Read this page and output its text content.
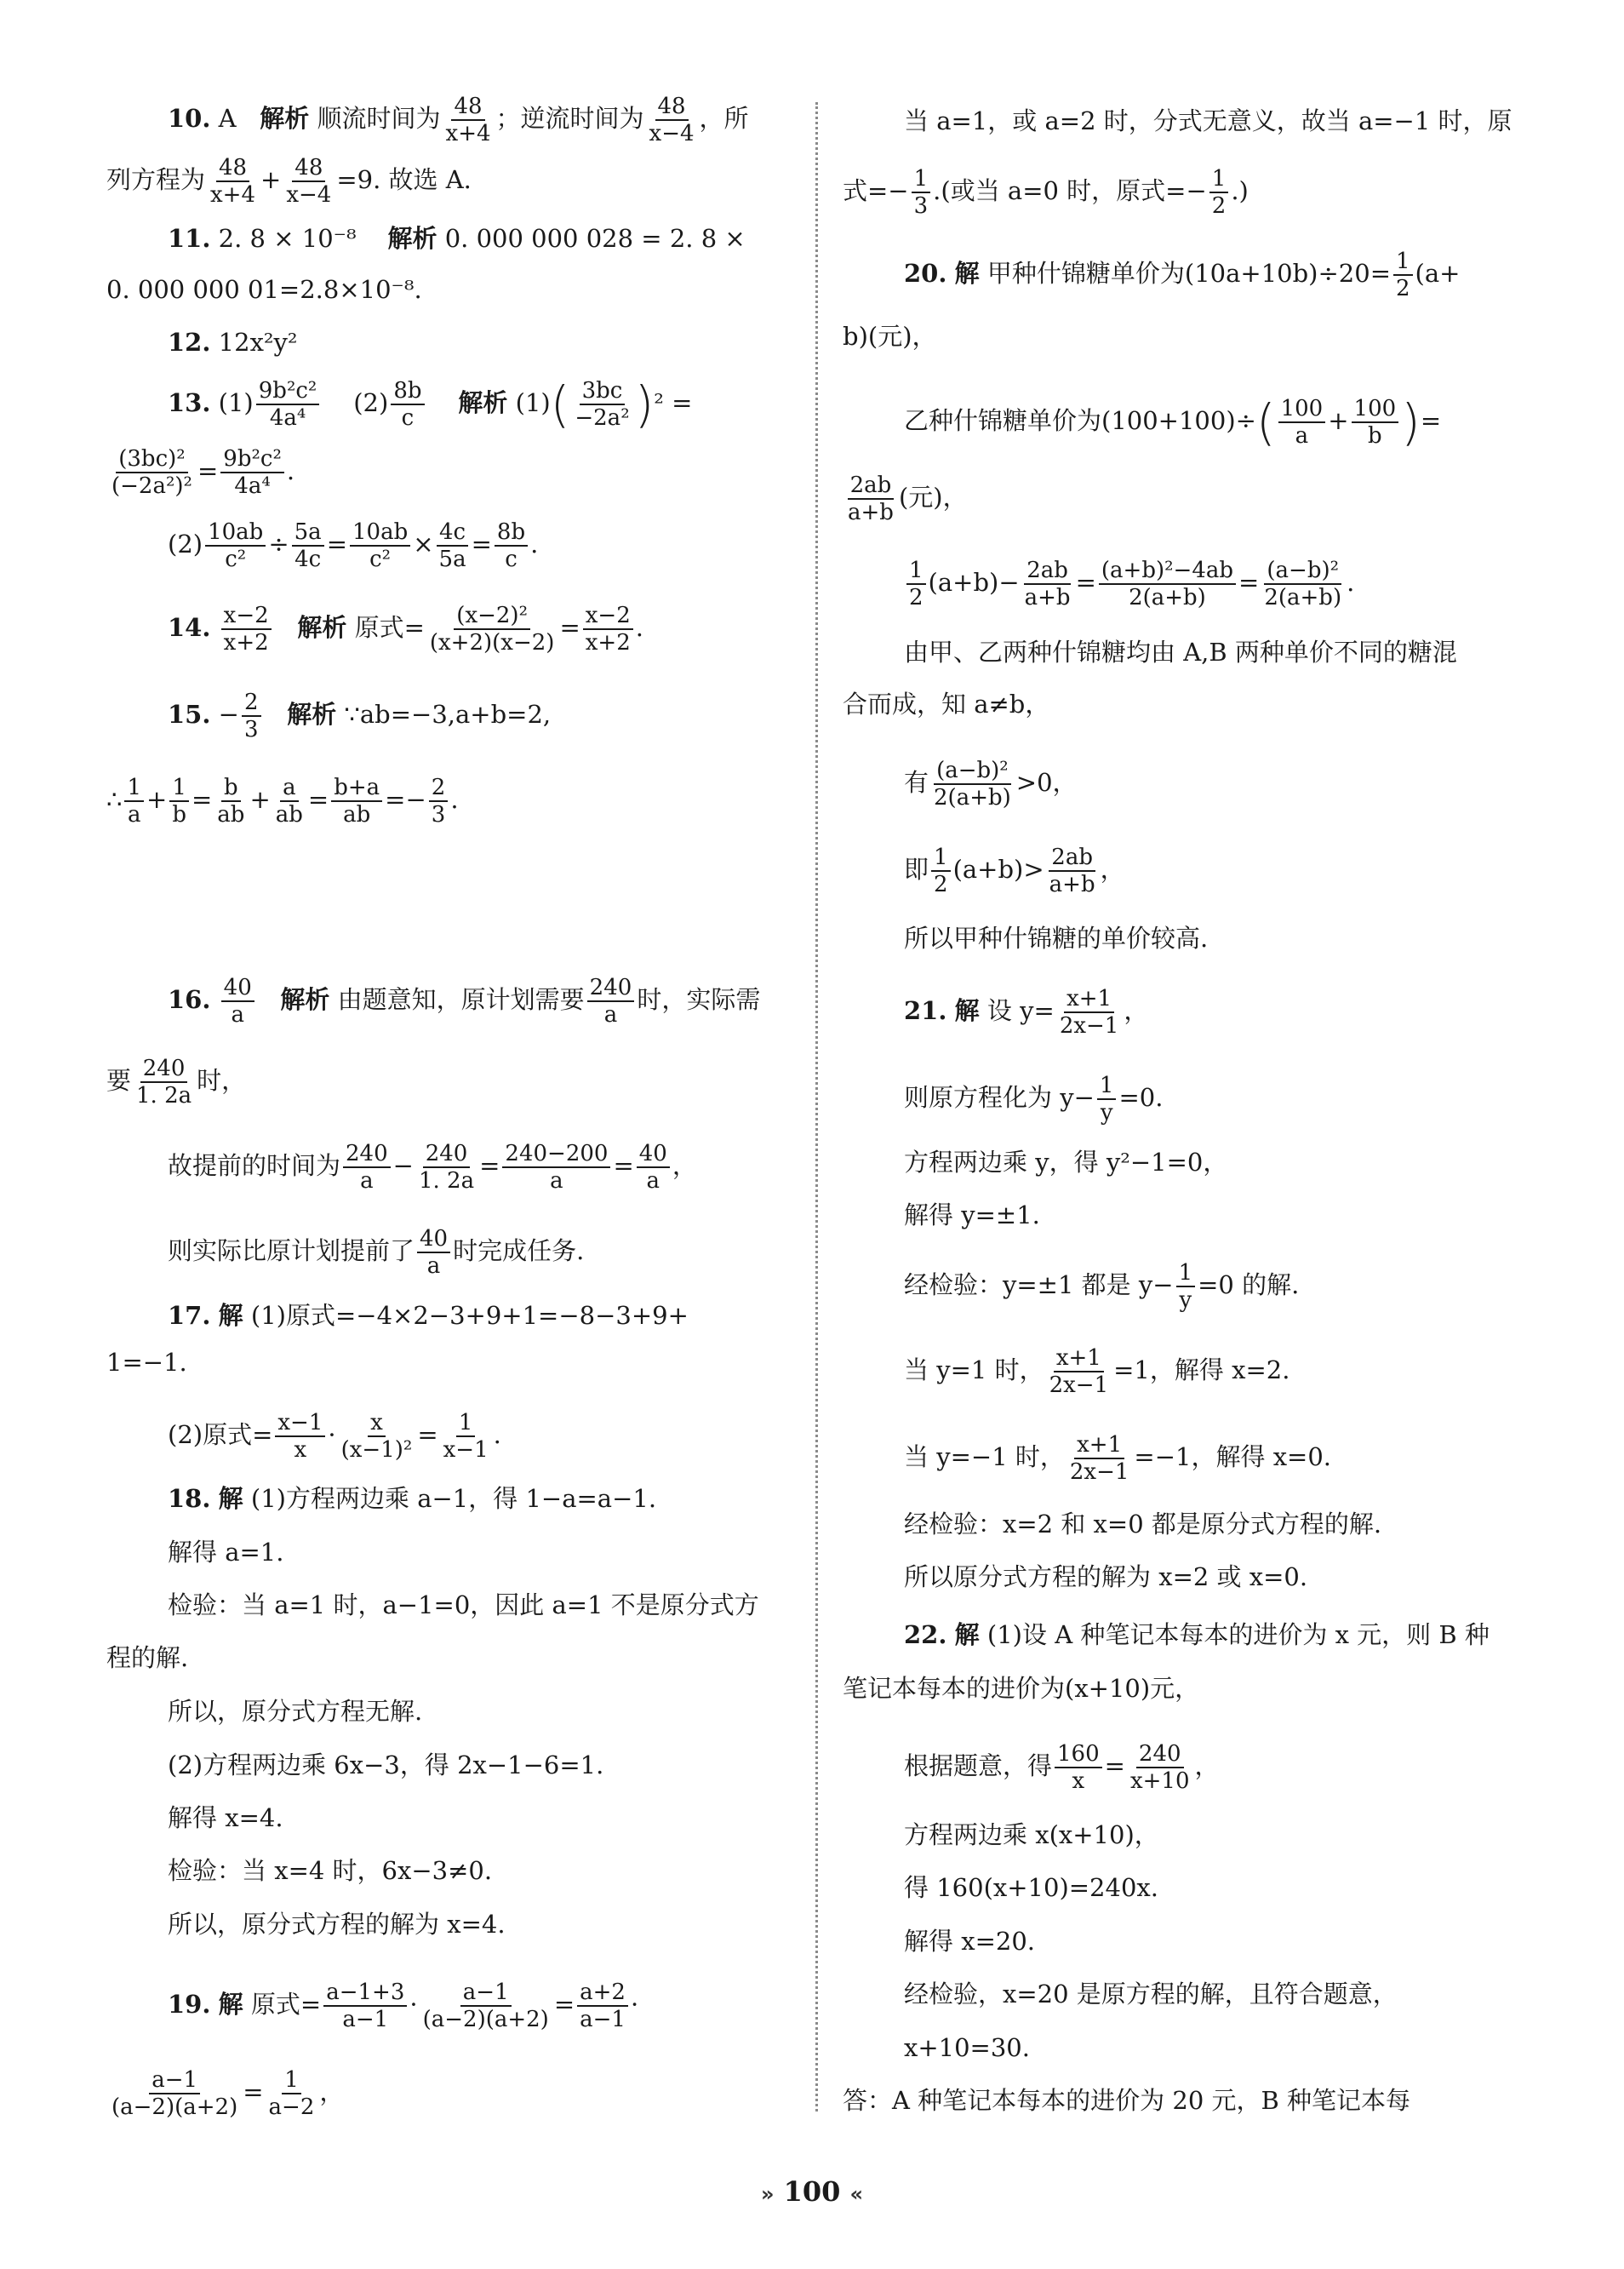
10. A 解析 顺流时间为 $\frac{48}{x+4}$ ；逆流时间为 $\frac{48}{x-4}$ ，所
列方程为 $\frac{48}{x+4} + \frac{48}{x-4} =9$. 故选 A.
11. 2. 8 × 10⁻⁸ 解析 0. 000 000 028 = 2. 8 ×
0. 000 000 01=2.8×10⁻⁸.
12. 12x²y²
13. $(1) \frac{\text{9b²c²}}{\text{4a⁴}} (2) \frac{8b}{c}$ 解析 $(1)( \frac{3bc}{\text{−2a²}} )^2$ =
$\frac{\text{(3bc)²}}{\text{(−2a²)²}} = \frac{\text{9b²c²}}{\text{4a⁴}}$ .
$(2) \frac{10ab}{\text{c²}} \div \frac{5a}{4c} = \frac{10ab}{\text{c²}} \times \frac{4c}{5a} = \frac{8b}{c}$ .
14. $\frac{x-2}{x+2}$ 解析 原式= $\frac{\text{(x−2)²}}{(x+2)(x-2)} = \frac{x-2}{x+2}$ .
15. − $\frac{2}{3}$ 解析 ∵ab=−3,a+b=2,
∴ $\frac{1}{a} + \frac{1}{b} = \frac{b}{ab} + \frac{a}{ab} = \frac{b+a}{ab} =- \frac{2}{3}$ .
16. $\frac{40}{a}$ 解析 由题意知，原计划需要 $\frac{240}{a}$ 时，实际需
要 $\frac{240}{1. 2a}$ 时，
故提前的时间为 $\frac{240}{a} - \frac{240}{1. 2a} = \frac{240-200}{a} = \frac{40}{a}$ ，
则实际比原计划提前了 $\frac{40}{a}$ 时完成任务.
17. 解 (1)原式=−4×2−3+9+1=−8−3+9+
1=−1.
(2)原式= $\frac{x-1}{x} \cdot \frac{x}{\text{(x−1)²}} = \frac{1}{x-1}$ .
18. 解 (1)方程两边乘 a−1，得 1−a=a−1.
解得 a=1.
检验：当 a=1 时，a−1=0，因此 a=1 不是原分式方
程的解.
所以，原分式方程无解.
(2)方程两边乘 6x−3，得 2x−1−6=1.
解得 x=4.
检验：当 x=4 时，6x−3≠0.
所以，原分式方程的解为 x=4.
19. 解 原式= $\frac{a-1+3}{a-1} \cdot \frac{a-1}{(a-2)(a+2)} = \frac{a+2}{a-1}$ ·
$\frac{a-1}{(a-2)(a+2)} = \frac{1}{a-2}$ ，
当 a=1，或 a=2 时，分式无意义，故当 a=−1 时，原
式=− $\frac{1}{3}$ .(或当 a=0 时，原式=− $\frac{1}{2}$ .)
20. 解 甲种什锦糖单价为$(10a+10b)\div 20= \frac{1}{2} (a+$
b)(元)，
乙种什锦糖单价为$(100+100)\div( \frac{100}{a} + \frac{100}{b}$ )=
$\frac{2ab}{a+b}$ (元)，
$\frac{1}{2} (a+b)- \frac{2ab}{a+b} = \frac{\text{(a+b)²−4ab}}{2(a+b)} = \frac{\text{(a−b)²}}{2(a+b)}$ .
由甲、乙两种什锦糖均由 A,B 两种单价不同的糖混
合而成，知 a≠b，
有 $\frac{\text{(a−b)²}}{2(a+b)} >0$，
即 $\frac{1}{2} (a+b)> \frac{2ab}{a+b}$ ，
所以甲种什锦糖的单价较高.
21. 解 设 $y= \frac{x+1}{2x-1}$ ，
则原方程化为 $y- \frac{1}{y} =0$.
方程两边乘 y，得 y²−1=0，
解得 y=±1.
经检验：y=±1 都是 $y- \frac{1}{y} =0$ 的解.
当 y=1 时， $\frac{x+1}{2x-1} =1$，解得 x=2.
当 y=−1 时， $\frac{x+1}{2x-1} =-1$，解得 x=0.
经检验：x=2 和 x=0 都是原分式方程的解.
所以原分式方程的解为 x=2 或 x=0.
22. 解 (1)设 A 种笔记本每本的进价为 x 元，则 B 种
笔记本每本的进价为(x+10)元，
根据题意，得 $\frac{160}{x} = \frac{240}{x+10}$ ，
方程两边乘 x(x+10)，
得 160(x+10)=240x.
解得 x=20.
经检验，x=20 是原方程的解，且符合题意，
x+10=30.
答：A 种笔记本每本的进价为 20 元，B 种笔记本每
» 100 «
